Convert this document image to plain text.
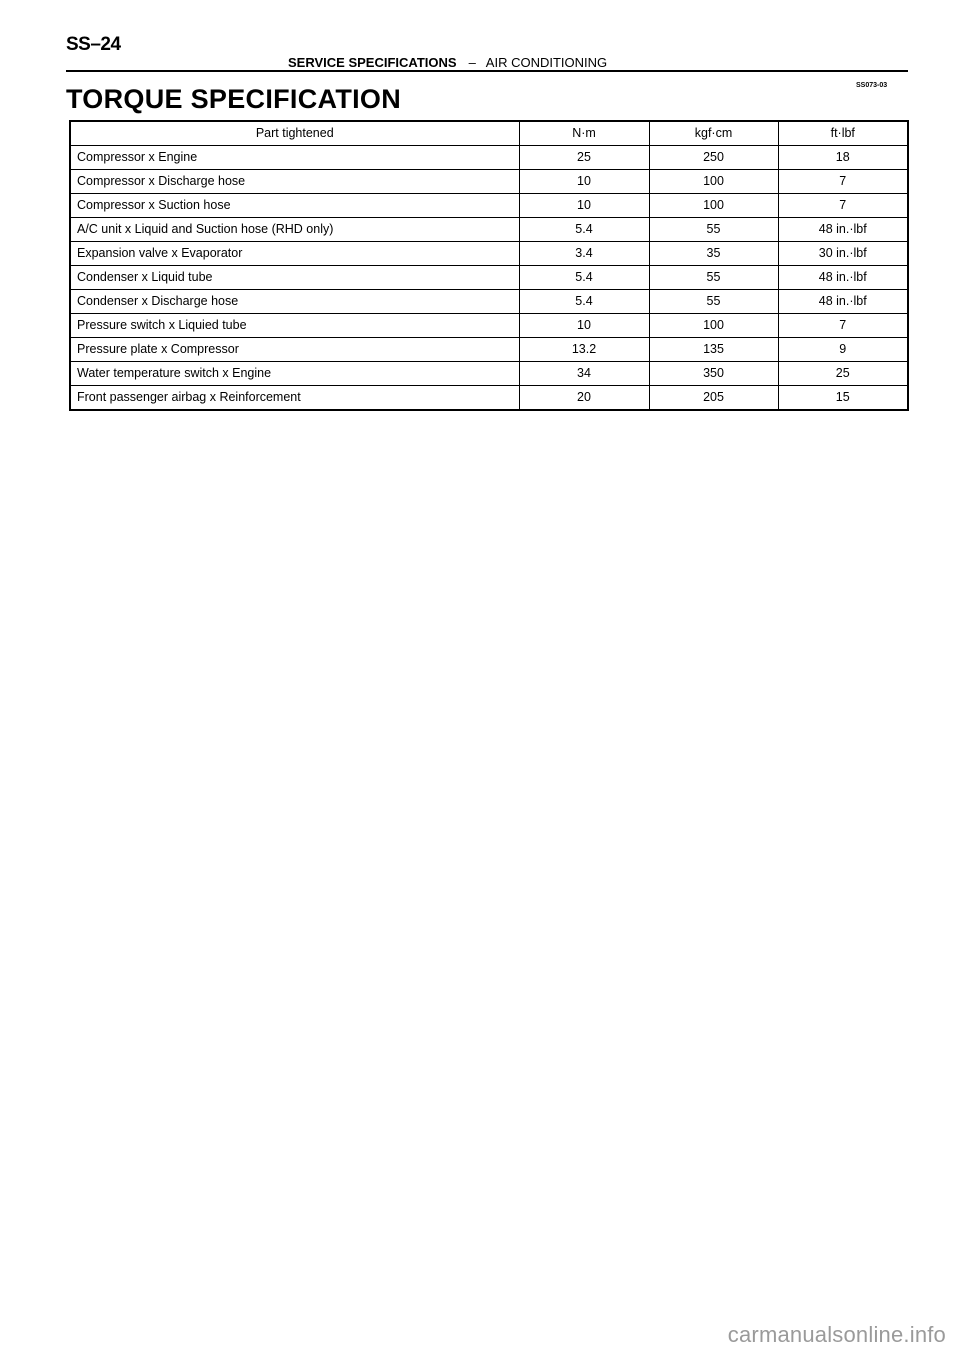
SS–24
SERVICE SPECIFICATIONS – AIR CONDITIONING
TORQUE SPECIFICATION	SS073-03
Part tightened	N·m	kgf·cm	ft·lbf
Compressor x Engine	25	250	18
Compressor x Discharge hose	10	100	7
Compressor x Suction hose	10	100	7
A/C unit x Liquid and Suction hose (RHD only)	5.4	55	48 in.·lbf
Expansion valve x Evaporator	3.4	35	30 in.·lbf
Condenser x Liquid tube	5.4	55	48 in.·lbf
Condenser x Discharge hose	5.4	55	48 in.·lbf
Pressure switch x Liquied tube	10	100	7
Pressure plate x Compressor	13.2	135	9
Water temperature switch x Engine	34	350	25
Front passenger airbag x Reinforcement	20	205	15
carmanualsonline.info
